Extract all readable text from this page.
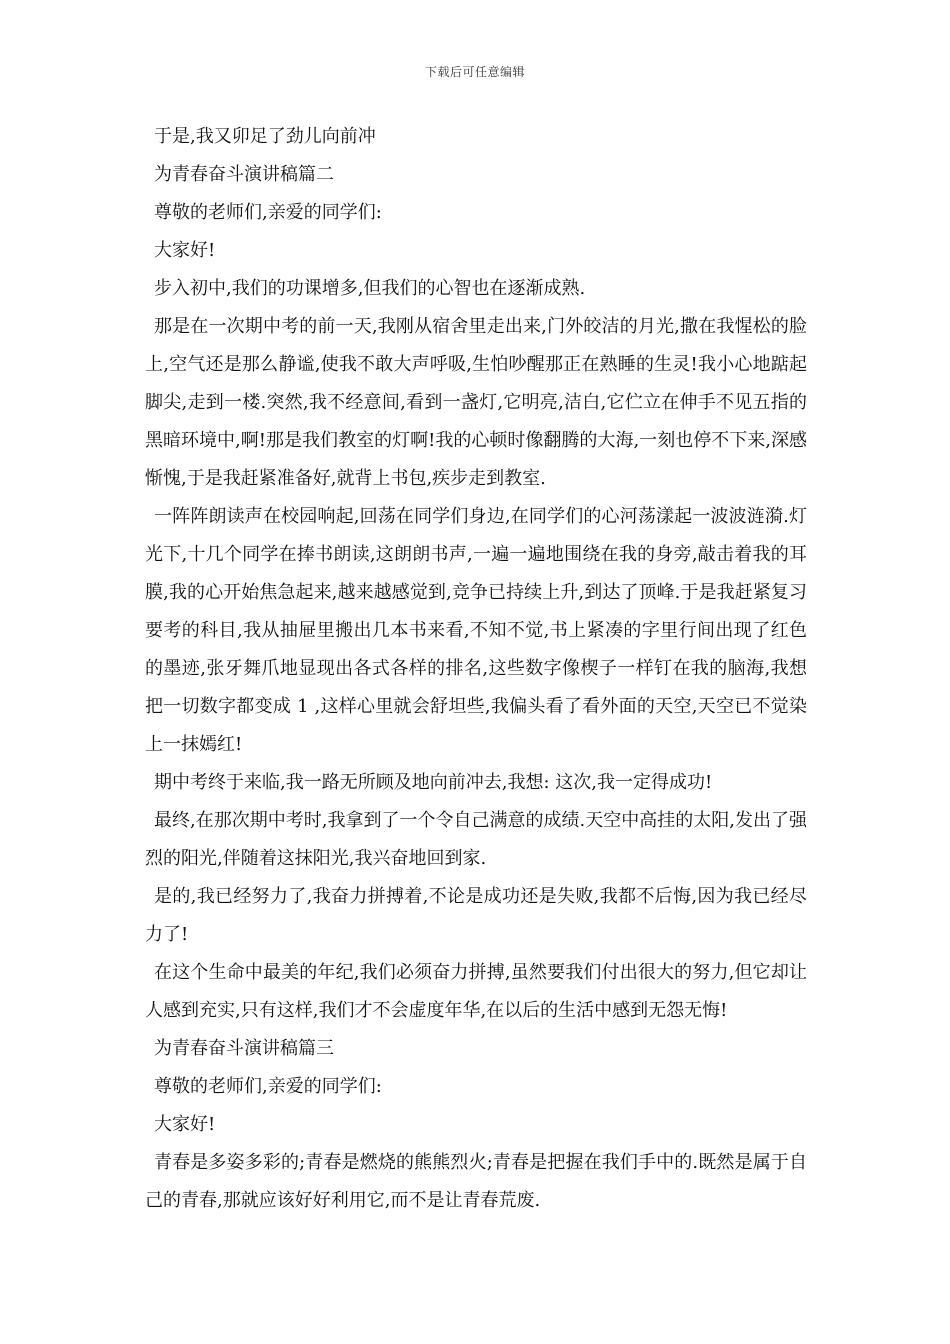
下载后可任意编辑

于是,我又卯足了劲儿向前冲

为青春奋斗演讲稿篇二

尊敬的老师们,亲爱的同学们:

大家好!

步入初中,我们的功课增多,但我们的心智也在逐渐成熟.

那是在一次期中考的前一天,我刚从宿舍里走出来,门外皎洁的月光,撒在我惺松的脸上,空气还是那么静谧,使我不敢大声呼吸,生怕吵醒那正在熟睡的生灵!我小心地踮起脚尖,走到一楼.突然,我不经意间,看到一盏灯,它明亮,洁白,它伫立在伸手不见五指的黑暗环境中,啊!那是我们教室的灯啊!我的心顿时像翻腾的大海,一刻也停不下来,深感惭愧,于是我赶紧准备好,就背上书包,疾步走到教室.

一阵阵朗读声在校园响起,回荡在同学们身边,在同学们的心河荡漾起一波波涟漪.灯光下,十几个同学在捧书朗读,这朗朗书声,一遍一遍地围绕在我的身旁,敲击着我的耳膜,我的心开始焦急起来,越来越感觉到,竞争已持续上升,到达了顶峰.于是我赶紧复习要考的科目,我从抽屉里搬出几本书来看,不知不觉,书上紧凑的字里行间出现了红色的墨迹,张牙舞爪地显现出各式各样的排名,这些数字像楔子一样钉在我的脑海,我想把一切数字都变成 1 ,这样心里就会舒坦些,我偏头看了看外面的天空,天空已不觉染上一抹嫣红!

期中考终于来临,我一路无所顾及地向前冲去,我想: 这次,我一定得成功!

最终,在那次期中考时,我拿到了一个令自己满意的成绩.天空中高挂的太阳,发出了强烈的阳光,伴随着这抹阳光,我兴奋地回到家.

是的,我已经努力了,我奋力拼搏着,不论是成功还是失败,我都不后悔,因为我已经尽力了!

在这个生命中最美的年纪,我们必须奋力拼搏,虽然要我们付出很大的努力,但它却让人感到充实,只有这样,我们才不会虚度年华,在以后的生活中感到无怨无悔!

为青春奋斗演讲稿篇三

尊敬的老师们,亲爱的同学们:

大家好!

青春是多姿多彩的;青春是燃烧的熊熊烈火;青春是把握在我们手中的.既然是属于自己的青春,那就应该好好利用它,而不是让青春荒废.
